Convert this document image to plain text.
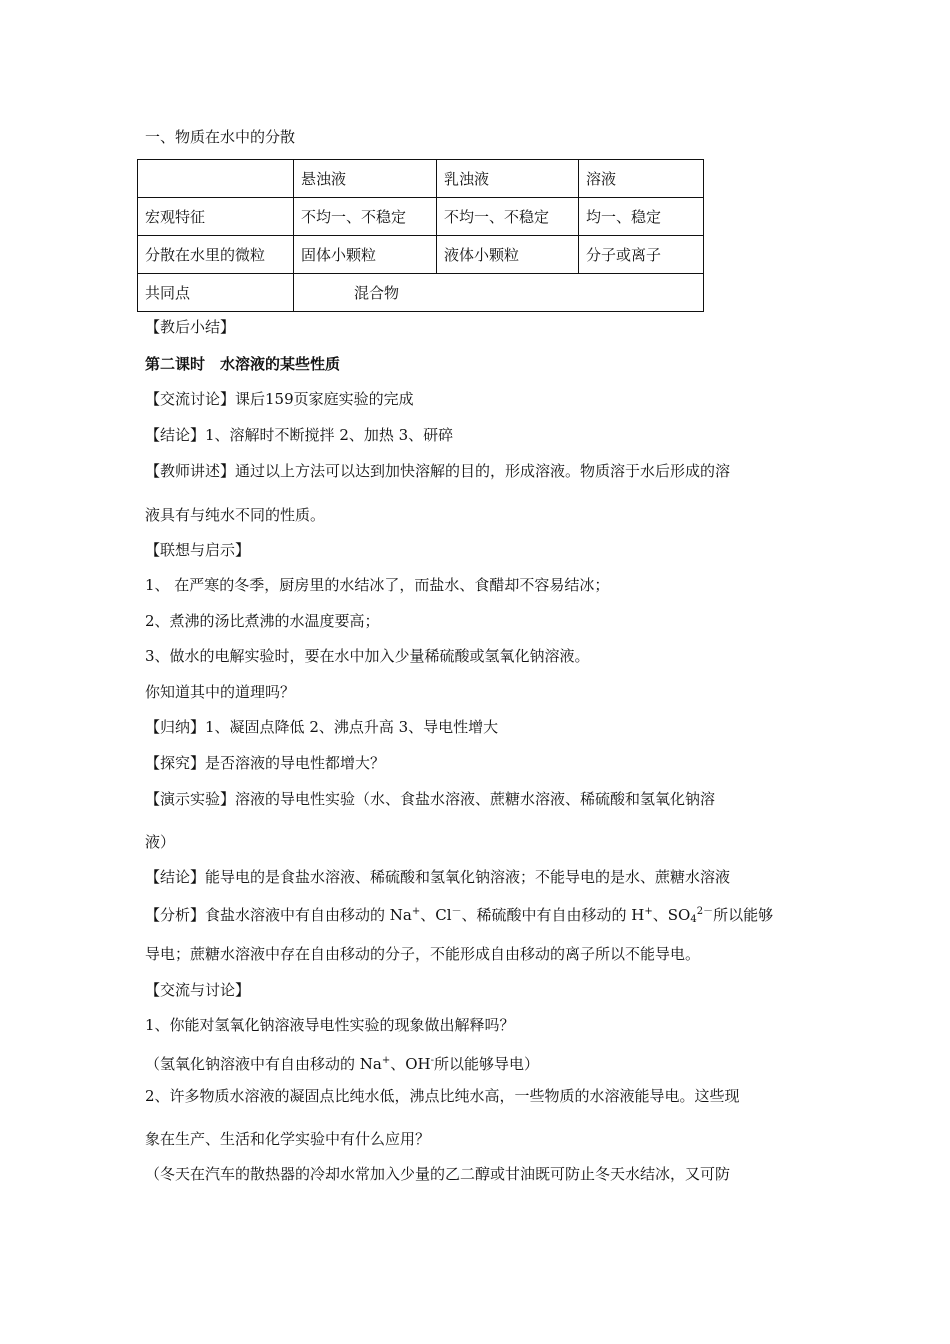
一、物质在水中的分散
	悬浊液	乳浊液	溶液
宏观特征	不均一、不稳定	不均一、不稳定	均一、稳定
分散在水里的微粒	固体小颗粒	液体小颗粒	分子或离子
共同点	混合物		
【教后小结】
第二课时　水溶液的某些性质
【交流讨论】课后159页家庭实验的完成
【结论】1、溶解时不断搅拌 2、加热 3、研碎
【教师讲述】通过以上方法可以达到加快溶解的目的，形成溶液。物质溶于水后形成的溶
液具有与纯水不同的性质。
【联想与启示】
1、 在严寒的冬季，厨房里的水结冰了，而盐水、食醋却不容易结冰；
2、煮沸的汤比煮沸的水温度要高；
3、做水的电解实验时，要在水中加入少量稀硫酸或氢氧化钠溶液。
你知道其中的道理吗？
【归纳】1、凝固点降低 2、沸点升高 3、导电性增大
【探究】是否溶液的导电性都增大？
【演示实验】溶液的导电性实验（水、食盐水溶液、蔗糖水溶液、稀硫酸和氢氧化钠溶
液）
【结论】能导电的是食盐水溶液、稀硫酸和氢氧化钠溶液；不能导电的是水、蔗糖水溶液
【分析】食盐水溶液中有自由移动的 Na+、Cl－、稀硫酸中有自由移动的 H+、$SO_4^{2-}$所以能够
导电；蔗糖水溶液中存在自由移动的分子，不能形成自由移动的离子所以不能导电。
【交流与讨论】
1、你能对氢氧化钠溶液导电性实验的现象做出解释吗？
（氢氧化钠溶液中有自由移动的 Na+、OH-所以能够导电）
2、许多物质水溶液的凝固点比纯水低，沸点比纯水高，一些物质的水溶液能导电。这些现
象在生产、生活和化学实验中有什么应用？
（冬天在汽车的散热器的冷却水常加入少量的乙二醇或甘油既可防止冬天水结冰，又可防
